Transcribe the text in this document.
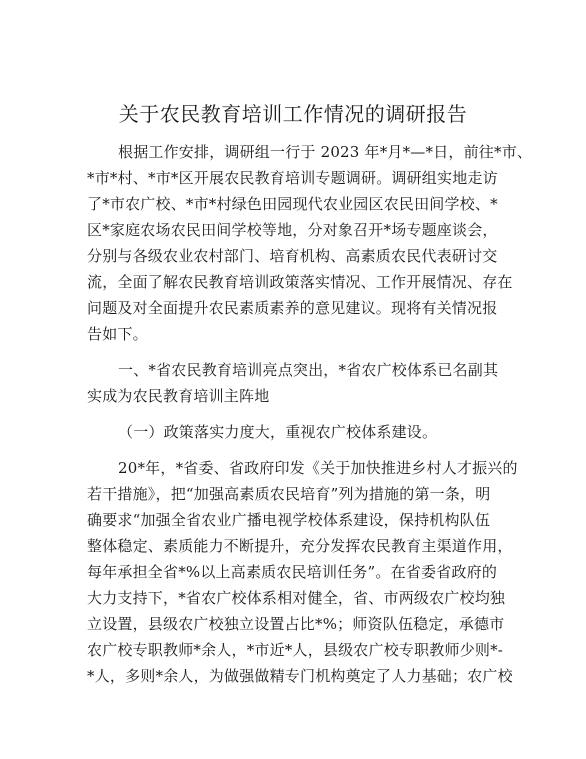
关于农民教育培训工作情况的调研报告
根据工作安排，调研组一行于 2023 年*月*—*日，前往*市、
*市*村、*市*区开展农民教育培训专题调研。调研组实地走访
了*市农广校、*市*村绿色田园现代农业园区农民田间学校、*
区*家庭农场农民田间学校等地，分对象召开*场专题座谈会，
分别与各级农业农村部门、培育机构、高素质农民代表研讨交
流，全面了解农民教育培训政策落实情况、工作开展情况、存在
问题及对全面提升农民素质素养的意见建议。现将有关情况报
告如下。
一、*省农民教育培训亮点突出，*省农广校体系已名副其
实成为农民教育培训主阵地
（一）政策落实力度大，重视农广校体系建设。
20*年，*省委、省政府印发《关于加快推进乡村人才振兴的
若干措施》，把“加强高素质农民培育”列为措施的第一条，明
确要求“加强全省农业广播电视学校体系建设，保持机构队伍
整体稳定、素质能力不断提升，充分发挥农民教育主渠道作用，
每年承担全省*%以上高素质农民培训任务”。在省委省政府的
大力支持下，*省农广校体系相对健全，省、市两级农广校均独
立设置，县级农广校独立设置占比*%；师资队伍稳定，承德市
农广校专职教师*余人，*市近*人，县级农广校专职教师少则*-
*人，多则*余人，为做强做精专门机构奠定了人力基础；农广校
